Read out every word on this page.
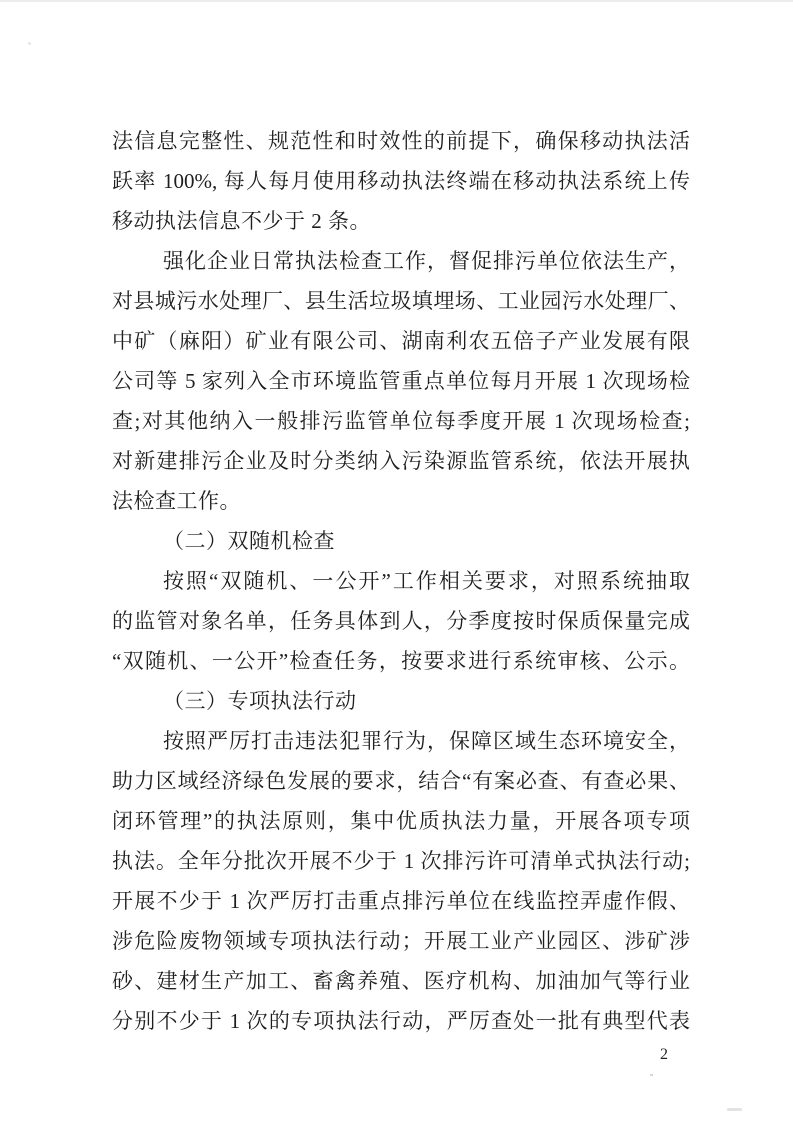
法信息完整性、规范性和时效性的前提下，确保移动执法活
跃率 100%, 每人每月使用移动执法终端在移动执法系统上传
移动执法信息不少于 2 条。
强化企业日常执法检查工作，督促排污单位依法生产，
对县城污水处理厂、县生活垃圾填埋场、工业园污水处理厂、
中矿（麻阳）矿业有限公司、湖南利农五倍子产业发展有限
公司等 5 家列入全市环境监管重点单位每月开展 1 次现场检
查;对其他纳入一般排污监管单位每季度开展 1 次现场检查;
对新建排污企业及时分类纳入污染源监管系统，依法开展执
法检查工作。
（二）双随机检查
按照“双随机、一公开”工作相关要求，对照系统抽取
的监管对象名单，任务具体到人，分季度按时保质保量完成
“双随机、一公开”检查任务，按要求进行系统审核、公示。
（三）专项执法行动
按照严厉打击违法犯罪行为，保障区域生态环境安全，
助力区域经济绿色发展的要求，结合“有案必查、有查必果、
闭环管理”的执法原则，集中优质执法力量，开展各项专项
执法。全年分批次开展不少于 1 次排污许可清单式执法行动;
开展不少于 1 次严厉打击重点排污单位在线监控弄虚作假、
涉危险废物领域专项执法行动；开展工业产业园区、涉矿涉
砂、建材生产加工、畜禽养殖、医疗机构、加油加气等行业
分别不少于 1 次的专项执法行动，严厉查处一批有典型代表
2
